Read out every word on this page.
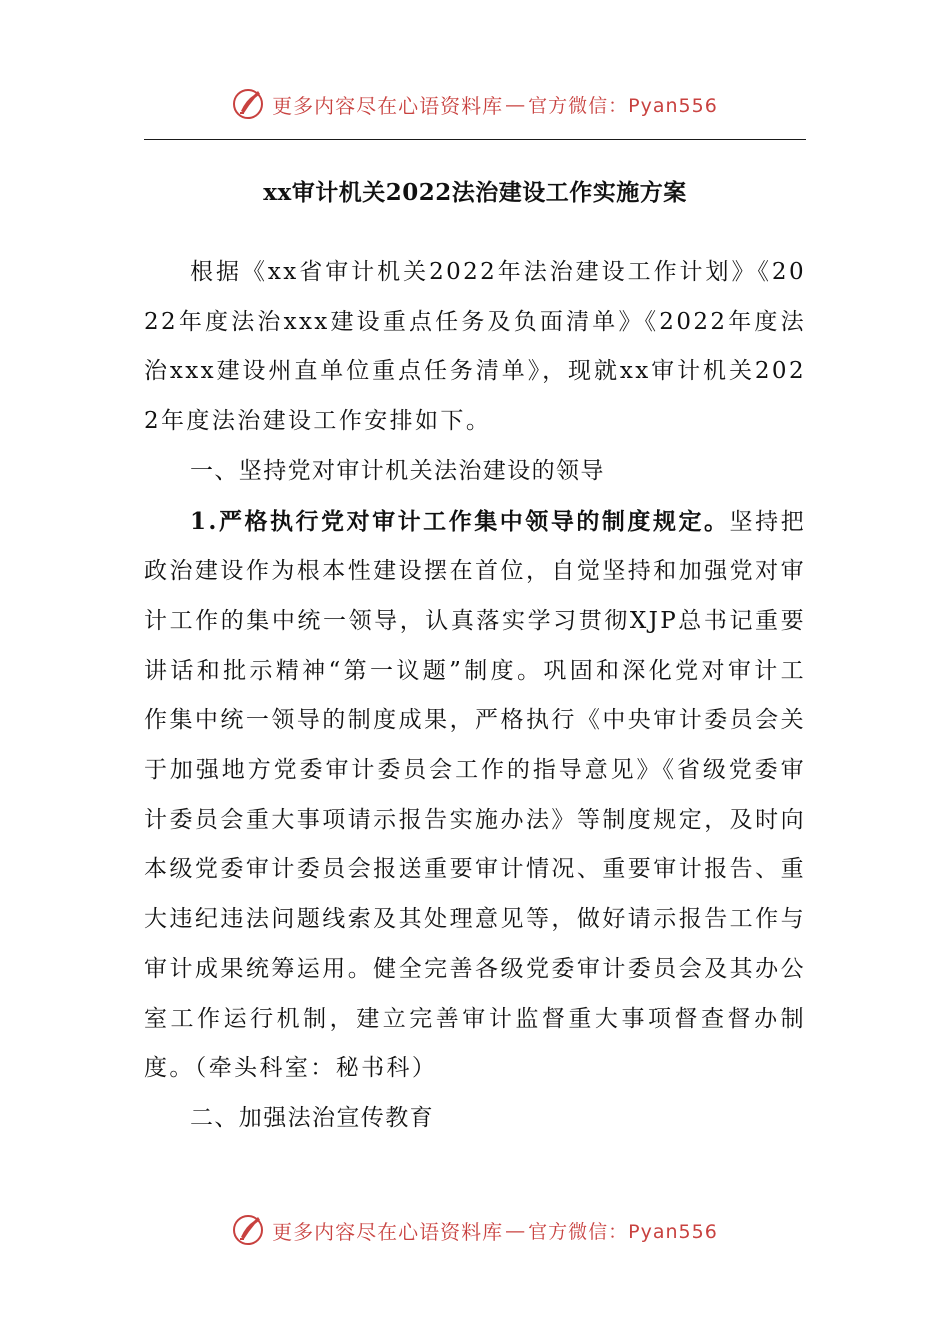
更多内容尽在心语资料库 — 官方微信：Pyan556
xx审计机关2022法治建设工作实施方案

根据《xx省审计机关2022年法治建设工作计划》《2022年度法治xxx建设重点任务及负面清单》《2022年度法治xxx建设州直单位重点任务清单》，现就xx审计机关2022年度法治建设工作安排如下。

一、坚持党对审计机关法治建设的领导

1.严格执行党对审计工作集中领导的制度规定。坚持把政治建设作为根本性建设摆在首位，自觉坚持和加强党对审计工作的集中统一领导，认真落实学习贯彻XJP总书记重要讲话和批示精神“第一议题”制度。巩固和深化党对审计工作集中统一领导的制度成果，严格执行《中央审计委员会关于加强地方党委审计委员会工作的指导意见》《省级党委审计委员会重大事项请示报告实施办法》等制度规定，及时向本级党委审计委员会报送重要审计情况、重要审计报告、重大违纪违法问题线索及其处理意见等，做好请示报告工作与审计成果统筹运用。健全完善各级党委审计委员会及其办公室工作运行机制，建立完善审计监督重大事项督查督办制度。（牵头科室：秘书科）

二、加强法治宣传教育

更多内容尽在心语资料库 — 官方微信：Pyan556
